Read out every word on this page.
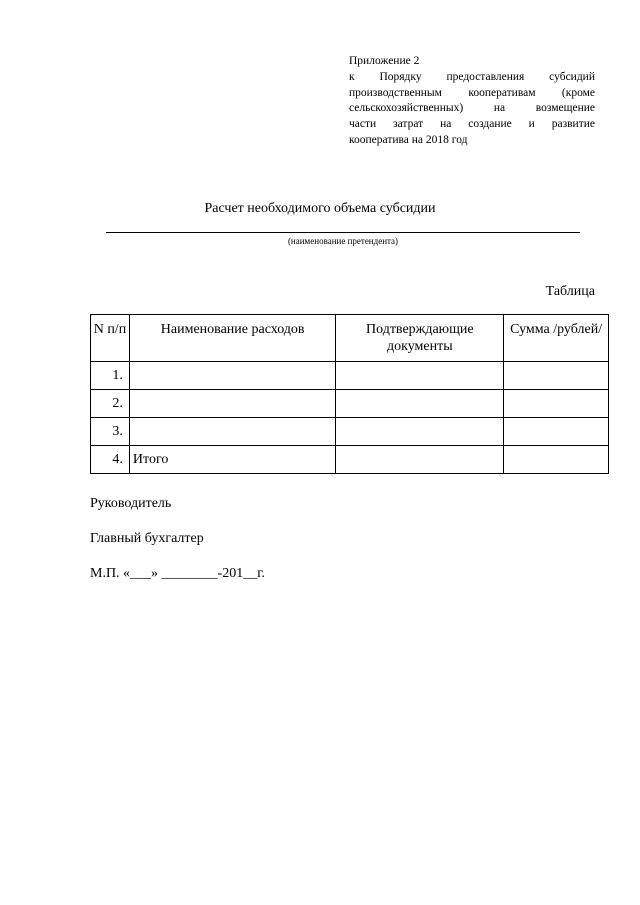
Приложение 2
к Порядку предоставления субсидий
производственным кооперативам (кроме
сельскохозяйственных) на возмещение
части затрат на создание и развитие
кооператива на 2018 год
Расчет необходимого объема субсидии
(наименование претендента)
Таблица
N п/п	Наименование расходов	Подтверждающие документы	Сумма /рублей/
1.			
2.			
3.			
4.	Итого		
Руководитель
Главный бухгалтер
М.П. «___» ________-201__г.
